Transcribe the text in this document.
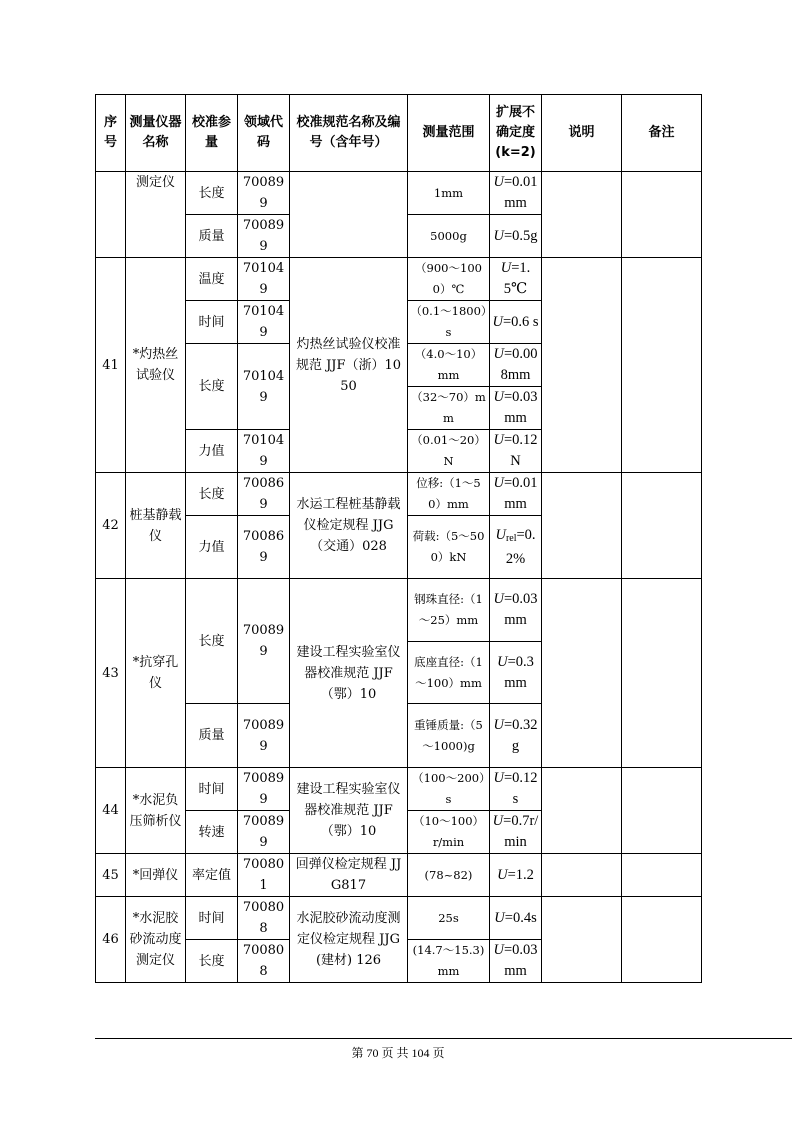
序号	测量仪器名称	校准参量	领域代码	校准规范名称及编号（含年号）	测量范围	扩展不确定度(k=2)	说明	备注
	测定仪	长度	700899		1mm	U=0.01mm		
		质量	700899		5000g	U=0.5g		
41	*灼热丝试验仪	温度	701049	灼热丝试验仪校准规范 JJF（浙）1050	（900～1000）℃	U=1.5℃		
		时间	701049		（0.1～1800）s	U=0.6 s		
		长度	701049		（4.0～10）mm	U=0.008mm		
					（32～70）mm	U=0.03mm		
		力值	701049		（0.01～20）N	U=0.12N		
42	桩基静载仪	长度	700869	水运工程桩基静载仪检定规程 JJG（交通）028	位移:（1～50）mm	U=0.01mm		
		力值	700869		荷载:（5～500）kN	$U_{rel}=0.2\%$		
43	*抗穿孔仪	长度	700899	建设工程实验室仪器校准规范 JJF（鄂）10	钢珠直径:（1～25）mm	U=0.03mm		
					底座直径:（1～100）mm	U=0.3mm		
		质量	700899		重锤质量:（5～1000)g	U=0.32g		
44	*水泥负压筛析仪	时间	700899	建设工程实验室仪器校准规范 JJF（鄂）10	（100～200）s	U=0.12s		
		转速	700899		（10～100）r/min	U=0.7r/min		
45	*回弹仪	率定值	700801	回弹仪检定规程 JJG817	(78~82)	U=1.2		
46	*水泥胶砂流动度测定仪	时间	700808	水泥胶砂流动度测定仪检定规程 JJG(建材) 126	25s	U=0.4s		
		长度	700808		(14.7～15.3)mm	U=0.03mm		
第 70 页 共 104 页
